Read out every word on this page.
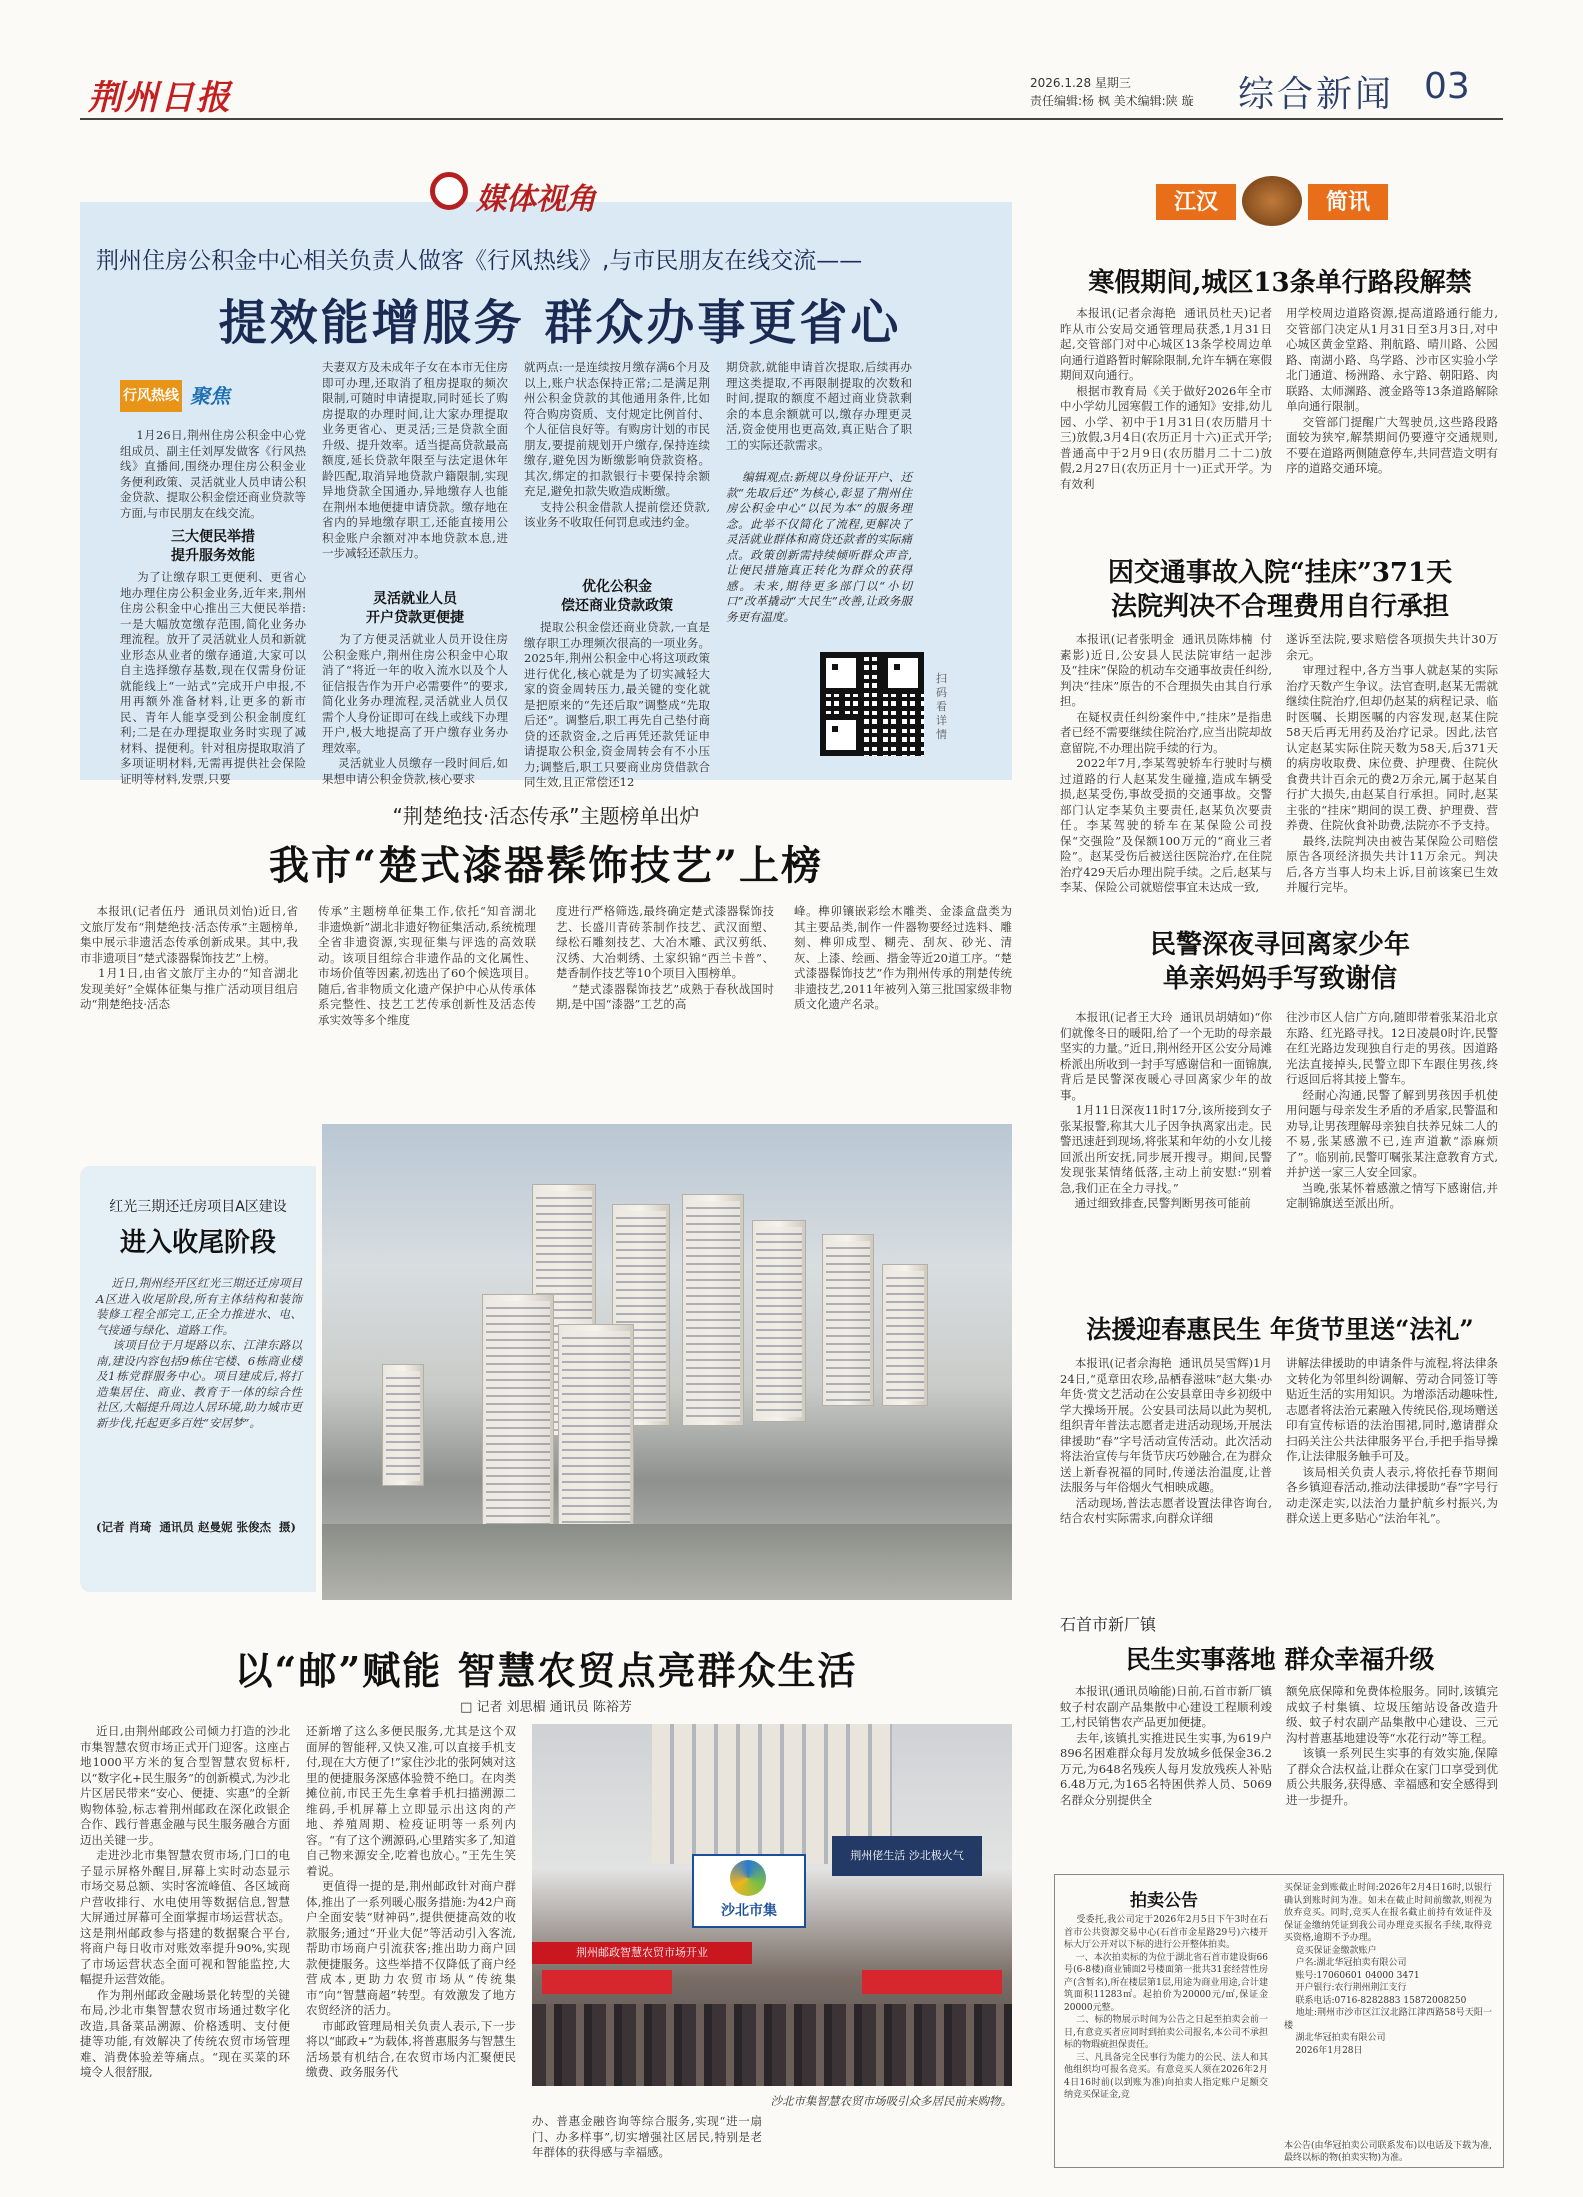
荆州日报	2026.1.28 星期三
责任编辑:杨 枫 美术编辑:陕 璇 综合新闻 03
媒体视角
荆州住房公积金中心相关负责人做客《行风热线》,与市民朋友在线交流——
提效能增服务 群众办事更省心
行风热线 聚焦
1月26日,荆州住房公积金中心党组成员、副主任刘厚发做客《行风热线》直播间,围绕办理住房公积金业务便利政策、灵活就业人员申请公积金贷款、提取公积金偿还商业贷款等方面,与市民朋友在线交流。
三大便民举措
提升服务效能
为了让缴存职工更便利、更省心地办理住房公积金业务,近年来,荆州住房公积金中心推出三大便民举措:一是大幅放宽缴存范围,简化业务办理流程。放开了灵活就业人员和新就业形态从业者的缴存通道,大家可以自主选择缴存基数,现在仅需身份证就能线上“一站式”完成开户申报,不用再额外准备材料,让更多的新市民、青年人能享受到公积金制度红利;二是在办理提取业务时实现了减材料、提便利。针对租房提取取消了多项证明材料,无需再提供社会保险证明等材料,发票,只要
夫妻双方及未成年子女在本市无住房即可办理,还取消了租房提取的频次限制,可随时申请提取,同时延长了购房提取的办理时间,让大家办理提取业务更省心、更灵活;三是贷款全面升级、提升效率。适当提高贷款最高额度,延长贷款年限至与法定退休年龄匹配,取消异地贷款户籍限制,实现异地贷款全国通办,异地缴存人也能在荆州本地便捷申请贷款。缴存地在省内的异地缴存职工,还能直接用公积金账户余额对冲本地贷款本息,进一步减轻还款压力。
灵活就业人员
开户贷款更便捷
为了方便灵活就业人员开设住房公积金账户,荆州住房公积金中心取消了“将近一年的收入流水以及个人征信报告作为开户必需要件”的要求,简化业务办理流程,灵活就业人员仅需个人身份证即可在线上或线下办理开户,极大地提高了开户缴存业务办理效率。
灵活就业人员缴存一段时间后,如果想申请公积金贷款,核心要求
就两点:一是连续按月缴存满6个月及以上,账户状态保持正常;二是满足荆州公积金贷款的其他通用条件,比如符合购房资质、支付规定比例首付、个人征信良好等。有购房计划的市民朋友,要提前规划开户缴存,保持连续缴存,避免因为断缴影响贷款资格。其次,绑定的扣款银行卡要保持余额充足,避免扣款失败造成断缴。
支持公积金借款人提前偿还贷款,该业务不收取任何罚息或违约金。
优化公积金
偿还商业贷款政策
提取公积金偿还商业贷款,一直是缴存职工办理频次很高的一项业务。2025年,荆州公积金中心将这项政策进行优化,核心就是为了切实减轻大家的资金周转压力,最关键的变化就是把原来的“先还后取”调整成“先取后还”。调整后,职工再先自己垫付商贷的还款资金,之后再凭还款凭证申请提取公积金,资金周转会有不小压力;调整后,职工只要商业房贷借款合同生效,且正常偿还12
期贷款,就能申请首次提取,后续再办理这类提取,不再限制提取的次数和时间,提取的额度不超过商业贷款剩余的本息余额就可以,缴存办理更灵活,资金使用也更高效,真正贴合了职工的实际还款需求。
编辑观点:新规以身份证开户、还款“先取后还”为核心,彰显了荆州住房公积金中心“以民为本”的服务理念。此举不仅简化了流程,更解决了灵活就业群体和商贷还款者的实际痛点。政策创新需持续倾听群众声音,让便民措施真正转化为群众的获得感。未来,期待更多部门以“小切口”改革撬动“大民生”改善,让政务服务更有温度。
扫码看详情
江汉	简讯
寒假期间,城区13条单行路段解禁
本报讯(记者佘海艳  通讯员杜天)记者昨从市公安局交通管理局获悉,1月31日起,交管部门对中心城区13条学校周边单向通行道路暂时解除限制,允许车辆在寒假期间双向通行。
根据市教育局《关于做好2026年全市中小学幼儿园寒假工作的通知》安排,幼儿园、小学、初中于1月31日(农历腊月十三)放假,3月4日(农历正月十六)正式开学;普通高中于2月9日(农历腊月二十二)放假,2月27日(农历正月十一)正式开学。为有效利
用学校周边道路资源,提高道路通行能力,交管部门决定从1月31日至3月3日,对中心城区黄金堂路、荆航路、晴川路、公园路、南湖小路、鸟学路、沙市区实验小学北门通道、杨洲路、永宁路、朝阳路、肉联路、太师渊路、渡金路等13条道路解除单向通行限制。
交管部门提醒广大驾驶员,这些路段路面较为狭窄,解禁期间仍要遵守交通规则,不要在道路两侧随意停车,共同营造文明有序的道路交通环境。
因交通事故入院“挂床”371天
法院判决不合理费用自行承担
本报讯(记者张明金  通讯员陈炜楠  付素影)近日,公安县人民法院审结一起涉及“挂床”保险的机动车交通事故责任纠纷,判决“挂床”原告的不合理损失由其自行承担。
在疑权责任纠纷案件中,“挂床”是指患者已经不需要继续住院治疗,应当出院却故意留院,不办理出院手续的行为。
2022年7月,李某驾驶轿车行驶时与横过道路的行人赵某发生碰撞,造成车辆受损,赵某受伤,事故受损的交通事故。交警部门认定李某负主要责任,赵某负次要责任。李某驾驶的轿车在某保险公司投保“交强险”及保额100万元的“商业三者险”。赵某受伤后被送往医院治疗,在住院治疗429天后办理出院手续。之后,赵某与李某、保险公司就赔偿事宜未达成一致,
遂诉至法院,要求赔偿各项损失共计30万余元。
审理过程中,各方当事人就赵某的实际治疗天数产生争议。法官查明,赵某无需就继续住院治疗,但却仍赵某的病程记录、临时医嘱、长期医嘱的内容发现,赵某住院58天后再无用药及治疗记录。因此,法官认定赵某实际住院天数为58天,后371天的病房收取费、床位费、护理费、住院伙食费共计百余元的费2万余元,属于赵某自行扩大损失,由赵某自行承担。同时,赵某主张的“挂床”期间的误工费、护理费、营养费、住院伙食补助费,法院亦不予支持。
最终,法院判决由被告某保险公司赔偿原告各项经济损失共计11万余元。判决后,各方当事人均未上诉,目前该案已生效并履行完毕。
民警深夜寻回离家少年
单亲妈妈手写致谢信
本报讯(记者王大玲  通讯员胡婧如)“你们就像冬日的暖阳,给了一个无助的母亲最坚实的力量。”近日,荆州经开区公安分局滩桥派出所收到一封手写感谢信和一面锦旗,背后是民警深夜暖心寻回离家少年的故事。
1月11日深夜11时17分,该所接到女子张某报警,称其大儿子因争执离家出走。民警迅速赶到现场,将张某和年幼的小女儿接回派出所安抚,同步展开搜寻。期间,民警发现张某情绪低落,主动上前安慰:“别着急,我们正在全力寻找。”
通过细致排查,民警判断男孩可能前
往沙市区人信广方向,随即带着张某沿北京东路、红光路寻找。12日凌晨0时许,民警在红光路边发现独自行走的男孩。因道路光法直接掉头,民警立即下车跟住男孩,终行返回后将其接上警车。
经耐心沟通,民警了解到男孩因手机使用问题与母亲发生矛盾的矛盾家,民警温和劝导,让男孩理解母亲独自扶养兄妹二人的不易,张某感激不已,连声道歉“添麻烦了”。临别前,民警叮嘱张某注意教育方式,并护送一家三人安全回家。
当晚,张某怀着感激之情写下感谢信,并定制锦旗送至派出所。
法援迎春惠民生 年货节里送“法礼”
本报讯(记者佘海艳  通讯员吴雪辉)1月24日,“觅章田农珍,品栖春滋味”赵大集·办年货·赏文艺活动在公安县章田寺乡初级中学大操场开展。公安县司法局以此为契机,组织青年普法志愿者走进活动现场,开展法律援助“春”字号活动宣传活动。此次活动将法治宣传与年货节庆巧妙融合,在为群众送上新春祝福的同时,传递法治温度,让普法服务与年俗烟火气相映成趣。
活动现场,普法志愿者设置法律咨询台,结合农村实际需求,向群众详细
讲解法律援助的申请条件与流程,将法律条文转化为邻里纠纷调解、劳动合同签订等贴近生活的实用知识。为增添活动趣味性,志愿者将法治元素融入传统民俗,现场赠送印有宣传标语的法治围裙,同时,邀请群众扫码关注公共法律服务平台,手把手指导操作,让法律服务触手可及。
该局相关负责人表示,将依托春节期间各乡镇迎春活动,推动法律援助“春”字号行动走深走实,以法治力量护航乡村振兴,为群众送上更多贴心“法治年礼”。
石首市新厂镇
民生实事落地 群众幸福升级
本报讯(通讯员喻能)日前,石首市新厂镇蚊子村农副产品集散中心建设工程顺利竣工,村民销售农产品更加便捷。
去年,该镇扎实推进民生实事,为619户896名困难群众每月发放城乡低保金36.2万元,为648名残疾人每月发放残疾人补贴6.48万元,为165名特困供养人员、5069名群众分别提供全
额免底保障和免费体检服务。同时,该镇完成蚊子村集镇、垃圾压缩站设备改造升级、蚊子村农副产品集散中心建设、三元沟村普惠基地建设等“水花行动”等工程。
该镇一系列民生实事的有效实施,保障了群众合法权益,让群众在家门口享受到优质公共服务,获得感、幸福感和安全感得到进一步提升。
“荆楚绝技·活态传承”主题榜单出炉
我市“楚式漆器髹饰技艺”上榜
本报讯(记者伍丹  通讯员刘怡)近日,省文旅厅发布“荆楚绝技·活态传承”主题榜单,集中展示非遗活态传承创新成果。其中,我市非遗项目“楚式漆器髹饰技艺”上榜。
1月1日,由省文旅厅主办的“知音湖北  发现美好”全媒体征集与推广活动项目组启动“荆楚绝技·活态
传承”主题榜单征集工作,依托“知音湖北  非遗焕新”湖北非遗好物征集活动,系统梳理全省非遗资源,实现征集与评选的高效联动。该项目组综合非遗作品的文化属性、市场价值等因素,初选出了60个候选项目。随后,省非物质文化遗产保护中心从传承体系完整性、技艺工艺传承创新性及活态传承实效等多个维度
度进行严格筛选,最终确定楚式漆器髹饰技艺、长盛川青砖茶制作技艺、武汉面塑、绿松石雕刻技艺、大冶木雕、武汉剪纸、汉绣、大冶刺绣、土家织锦“西兰卡普”、楚香制作技艺等10个项目入围榜单。
“楚式漆器髹饰技艺”成熟于春秋战国时期,是中国“漆器”工艺的高
峰。榫卯镶嵌彩绘木雕类、金漆盒盘类为其主要品类,制作一件器物要经过选料、雕刻、榫卯成型、糊壳、刮灰、砂光、清灰、上漆、绘画、揩金等近20道工序。“楚式漆器髹饰技艺”作为荆州传承的荆楚传统非遗技艺,2011年被列入第三批国家级非物质文化遗产名录。
红光三期还迁房项目A区建设
进入收尾阶段
近日,荆州经开区红光三期还迁房项目A区进入收尾阶段,所有主体结构和装饰装修工程全部完工,正全力推进水、电、气接通与绿化、道路工作。
该项目位于月堤路以东、江津东路以南,建设内容包括9栋住宅楼、6栋商业楼及1栋党群服务中心。项目建成后,将打造集居住、商业、教育于一体的综合性社区,大幅提升周边人居环境,助力城市更新步伐,托起更多百姓“安居梦”。
(记者 肖琦  通讯员 赵曼妮 张俊杰  摄)
以“邮”赋能 智慧农贸点亮群众生活
□ 记者 刘思楣 通讯员 陈裕芳
近日,由荆州邮政公司倾力打造的沙北市集智慧农贸市场正式开门迎客。这座占地1000平方米的复合型智慧农贸标杆,以“数字化+民生服务”的创新模式,为沙北片区居民带来“安心、便捷、实惠”的全新购物体验,标志着荆州邮政在深化政银企合作、践行普惠金融与民生服务融合方面迈出关键一步。
走进沙北市集智慧农贸市场,门口的电子显示屏格外醒目,屏幕上实时动态显示市场交易总额、实时客流峰值、各区域商户营收排行、水电使用等数据信息,智慧大屏通过屏幕可全面掌握市场运营状态。这是荆州邮政参与搭建的数据聚合平台,将商户每日收市对账效率提升90%,实现了市场运营状态全面可视和智能监控,大幅提升运营效能。
作为荆州邮政金融场景化转型的关键布局,沙北市集智慧农贸市场通过数字化改造,具备菜品溯源、价格透明、支付便捷等功能,有效解决了传统农贸市场管理难、消费体验差等痛点。“现在买菜的环境令人很舒服,
还新增了这么多便民服务,尤其是这个双面屏的智能秤,又快又准,可以直接手机支付,现在大方便了!”家住沙北的张阿姨对这里的便捷服务深感体验赞不绝口。在肉类摊位前,市民王先生拿着手机扫描溯源二维码,手机屏幕上立即显示出这肉的产地、养殖周期、检疫证明等一系列内容。“有了这个溯源码,心里踏实多了,知道自己物来源安全,吃着也放心。”王先生笑着说。
更值得一提的是,荆州邮政针对商户群体,推出了一系列暖心服务措施:为42户商户全面安装“财神码”,提供便捷高效的收款服务;通过“开业大促”等活动引入客流,帮助市场商户引流获客;推出助力商户回款便捷服务。这些举措不仅降低了商户经营成本,更助力农贸市场从“传统集市”向“智慧商超”转型。有效激发了地方农贸经济的活力。
市邮政管理局相关负责人表示,下一步将以“邮政+”为载体,将普惠服务与智慧生活场景有机结合,在农贸市场内汇聚便民缴费、政务服务代
沙北市集
荆州邮政智慧农贸市场开业
荆州佬生活 沙北极火气
沙北市集智慧农贸市场吸引众多居民前来购物。
办、普惠金融咨询等综合服务,实现“进一扇门、办多样事”,切实增强社区居民,特别是老年群体的获得感与幸福感。
拍卖公告
受委托,我公司定于2026年2月5日下午3时在石首市公共资源交易中心(石首市金星路29号)六楼开标大厅公开对以下标的进行公开整体拍卖。
一、本次拍卖标的为位于湖北省石首市建设街66号(6-8楼)商业铺面2号楼面第一批共31套经营性房产(含暂名),所在楼层第1层,用途为商业用途,合计建筑面积11283㎡。起拍价为20000元/㎡,保证金20000元整。
二、标的物展示时间为公告之日起至拍卖会前一日,有意竞买者应同时到拍卖公司报名,本公司不承担标的物瑕疵担保责任。
三、凡具备完全民事行为能力的公民、法人和其他组织均可报名竞买。有意竞买人须在2026年2月4日16时前(以到账为准)向拍卖人指定账户足额交纳竞买保证金,竞
买保证金到账截止时间:2026年2月4日16时,以银行确认到账时间为准。如未在截止时间前缴款,则视为放弃竞买。同时,竞买人在报名截止前持有效证件及保证金缴纳凭证到我公司办理竞买报名手续,取得竞买资格,逾期不予办理。
竞买保证金缴款账户
户名:湖北华冠拍卖有限公司
账号:17060601 04000 3471
开户银行:农行荆州荆江支行
联系电话:0716-8282883 15872008250
地址:荆州市沙市区江汉北路江津西路58号天阳一楼
湖北华冠拍卖有限公司
2026年1月28日
本公告(由华冠拍卖公司联系发布)以电话及下载为准,最终以标的物(拍卖实物)为准。
